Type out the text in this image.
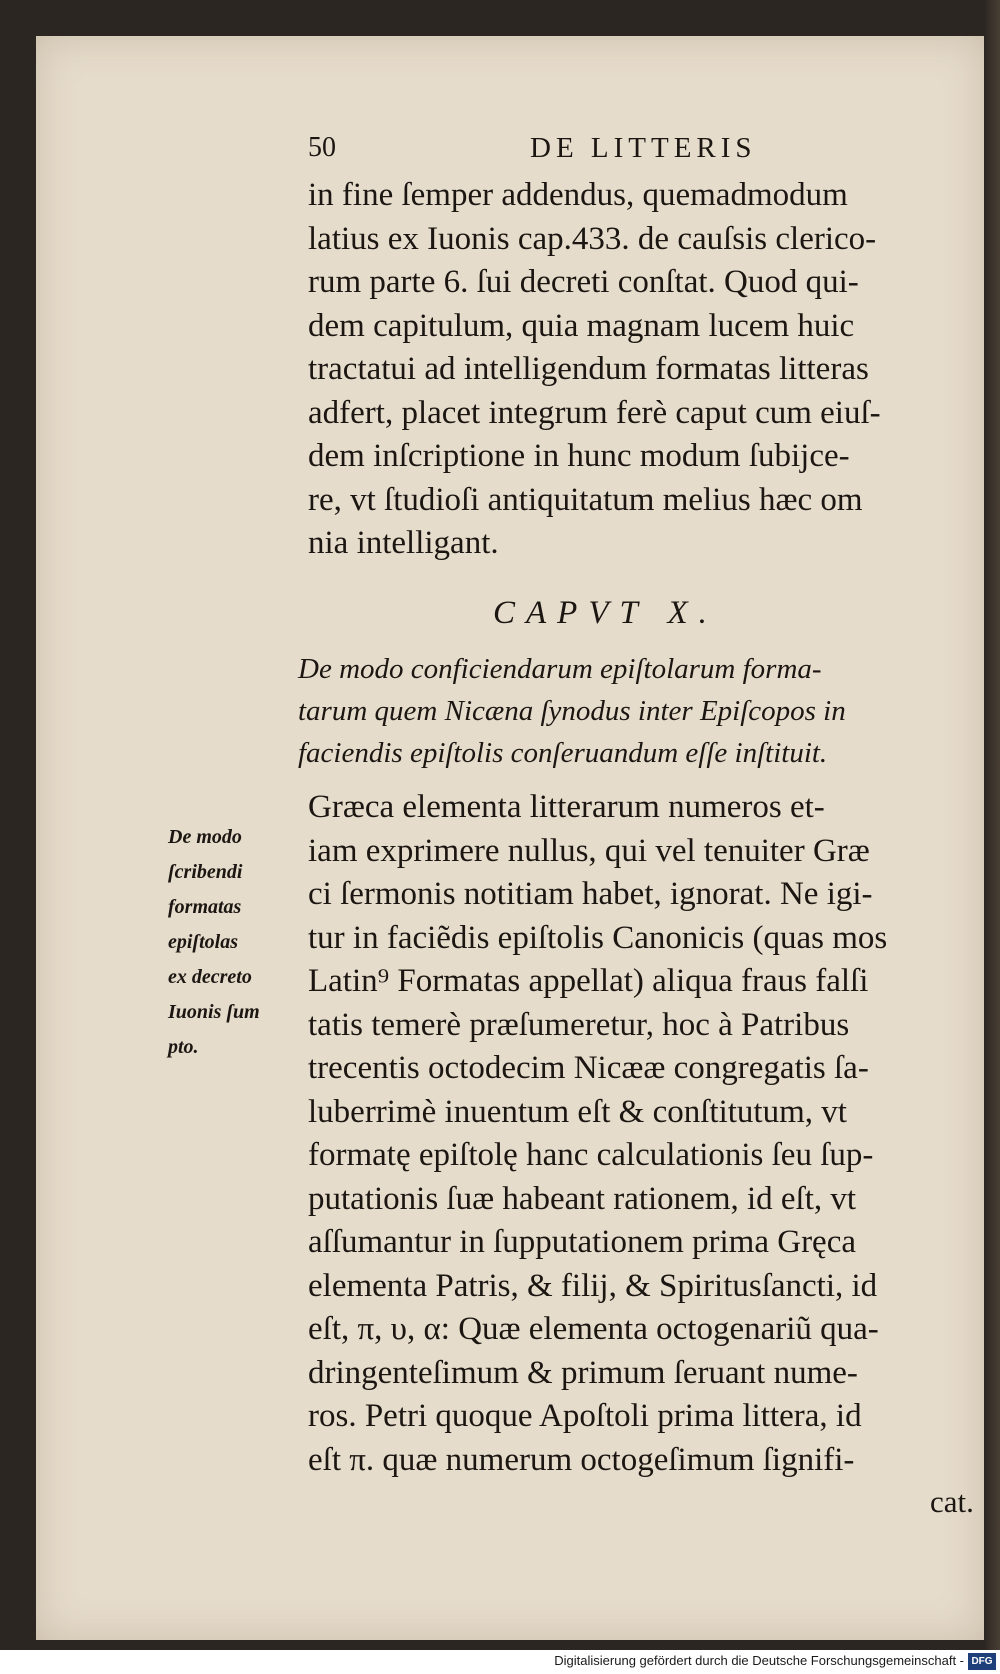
50	DE LITTERIS
in fine ſemper addendus, quemadmodum
latius ex Iuonis cap.433. de cauſsis clerico-
rum parte 6. ſui decreti conſtat. Quod qui-
dem capitulum, quia magnam lucem huic
tractatui ad intelligendum formatas litteras
adfert, placet integrum ferè caput cum eiuſ-
dem inſcriptione in hunc modum ſubijce-
re, vt ſtudioſi antiquitatum melius hæc om
nia intelligant.
CAPVT X.
De modo conficiendarum epiſtolarum forma-
tarum quem Nicæna ſynodus inter Epiſcopos in
faciendis epiſtolis conſeruandum eſſe inſtituit.
Græca elementa litterarum numeros et-
iam exprimere nullus, qui vel tenuiter Græ
ci ſermonis notitiam habet, ignorat. Ne igi-
tur in faciẽdis epiſtolis Canonicis (quas mos
Latin⁹ Formatas appellat) aliqua fraus falſi
tatis temerè præſumeretur, hoc à Patribus
trecentis octodecim Nicææ congregatis ſa-
luberrimè inuentum eſt & conſtitutum, vt
formatę epiſtolę hanc calculationis ſeu ſup-
putationis ſuæ habeant rationem, id eſt, vt
aſſumantur in ſupputationem prima Gręca
elementa Patris, & filij, & Spiritusſancti, id
eſt, π, υ, α: Quæ elementa octogenariũ qua-
dringenteſimum & primum ſeruant nume-
ros. Petri quoque Apoſtoli prima littera, id
eſt π. quæ numerum octogeſimum ſignifi-
cat.
De modo
ſcribendi
formatas
epiſtolas
ex decreto
Iuonis ſum
pto.
Digitalisierung gefördert durch die Deutsche Forschungsgemeinschaft - DFG
